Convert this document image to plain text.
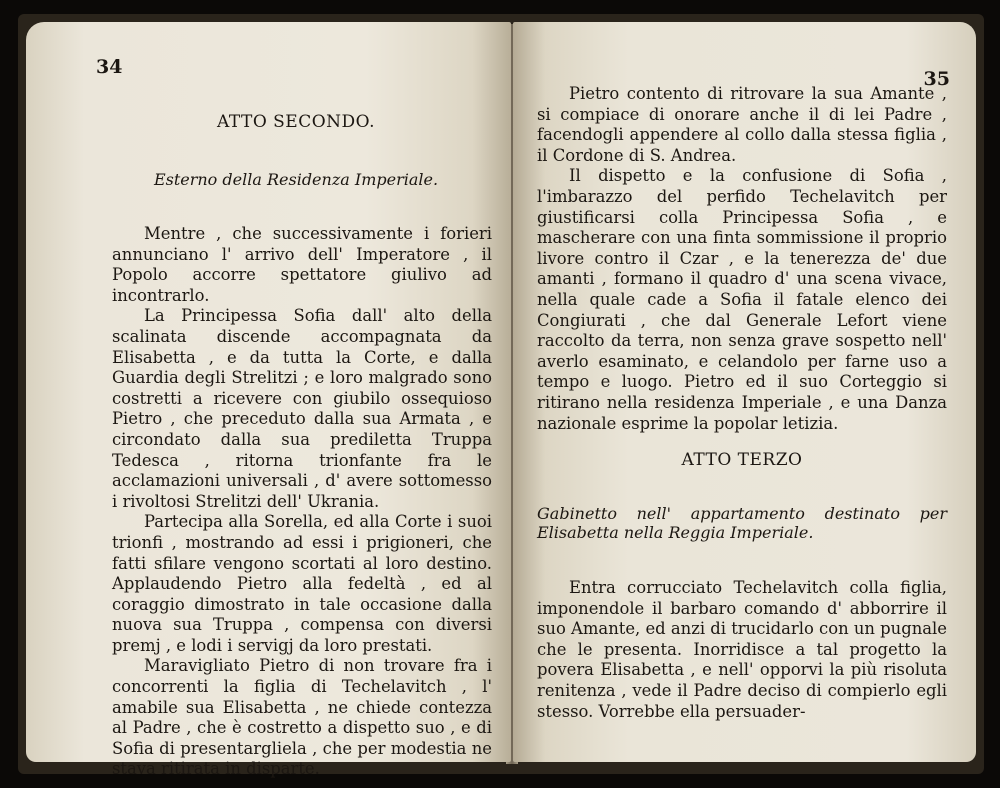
34
ATTO SECONDO.
Esterno della Residenza Imperiale.

Mentre , che successivamente i forieri annunciano l' arrivo dell' Imperatore , il Popolo accorre spettatore giulivo ad incontrarlo.

La Principessa Sofia dall' alto della scalinata discende accompagnata da Elisabetta , e da tutta la Corte, e dalla Guardia degli Strelitzi ; e loro malgrado sono costretti a ricevere con giubilo ossequioso Pietro , che preceduto dalla sua Armata , e circondato dalla sua prediletta Truppa Tedesca , ritorna trionfante fra le acclamazioni universali , d' avere sottomesso i rivoltosi Strelitzi dell' Ukrania.

Partecipa alla Sorella, ed alla Corte i suoi trionfi , mostrando ad essi i prigioneri, che fatti sfilare vengono scortati al loro destino. Applaudendo Pietro alla fedeltà , ed al coraggio dimostrato in tale occasione dalla nuova sua Truppa , compensa con diversi premj , e lodi i servigj da loro prestati.

Maravigliato Pietro di non trovare fra i concorrenti la figlia di Techelavitch , l' amabile sua Elisabetta , ne chiede contezza al Padre , che è costretto a dispetto suo , e di Sofia di presentargliela , che per modestia ne stava ritirata in disparte.

35

Pietro contento di ritrovare la sua Amante , si compiace di onorare anche il di lei Padre , facendogli appendere al collo dalla stessa figlia , il Cordone di S. Andrea.

Il dispetto e la confusione di Sofia , l'imbarazzo del perfido Techelavitch per giustificarsi colla Principessa Sofia , e mascherare con una finta sommissione il proprio livore contro il Czar , e la tenerezza de' due amanti , formano il quadro d' una scena vivace, nella quale cade a Sofia il fatale elenco dei Congiurati , che dal Generale Lefort viene raccolto da terra, non senza grave sospetto nell' averlo esaminato, e celandolo per farne uso a tempo e luogo. Pietro ed il suo Corteggio si ritirano nella residenza Imperiale , e una Danza nazionale esprime la popolar letizia.

ATTO TERZO
Gabinetto nell' appartamento destinato per Elisabetta nella Reggia Imperiale.

Entra corrucciato Techelavitch colla figlia, imponendole il barbaro comando d' abborrire il suo Amante, ed anzi di trucidarlo con un pugnale che le presenta. Inorridisce a tal progetto la povera Elisabetta , e nell' opporvi la più risoluta renitenza , vede il Padre deciso di compierlo egli stesso. Vorrebbe ella persuader-
